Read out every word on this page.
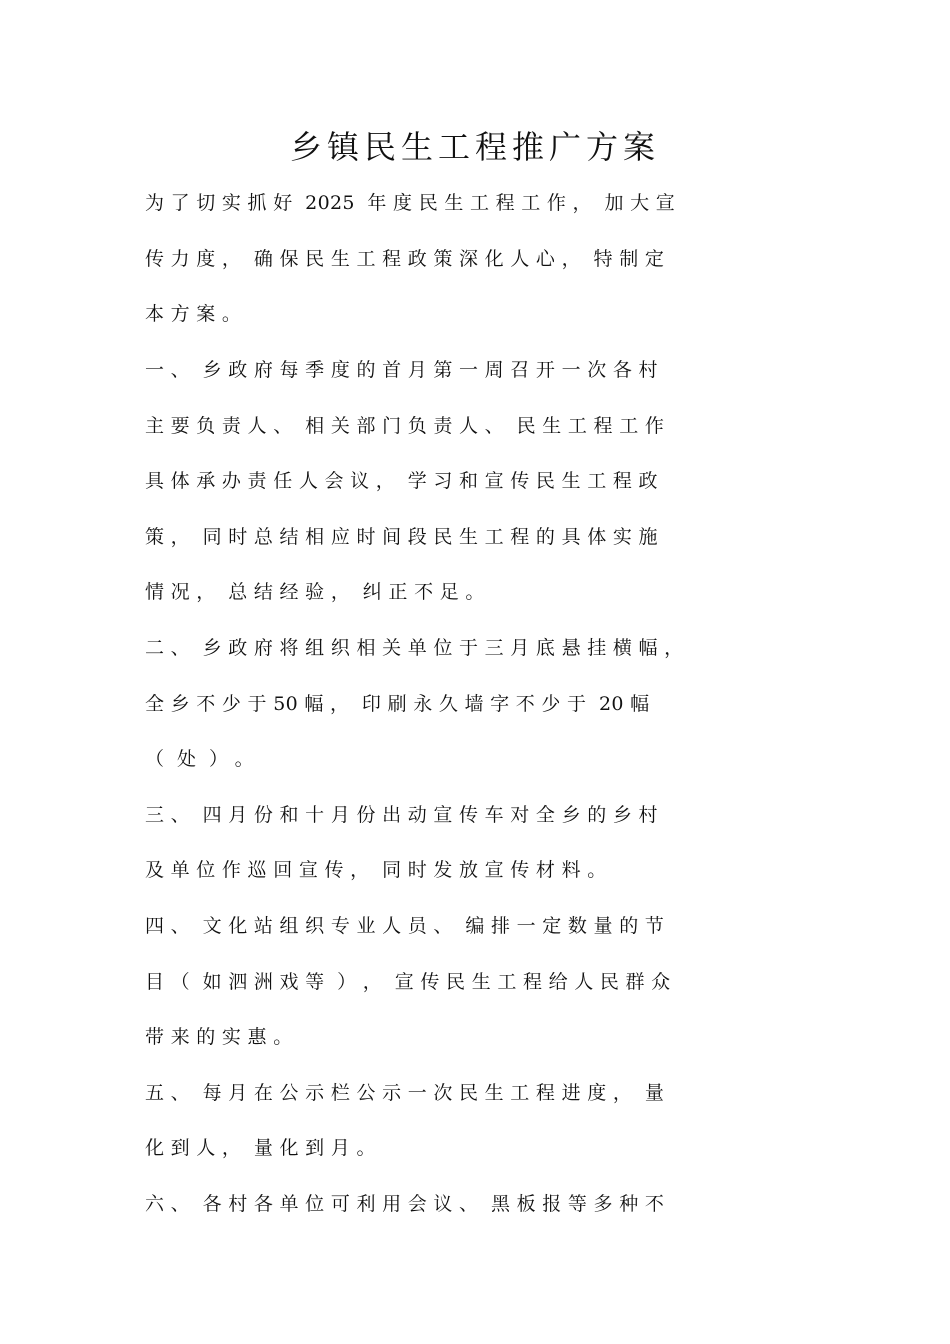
乡镇民生工程推广方案
为 了 切 实 抓 好  2025  年 度 民 生 工 程 工 作 ，  加 大 宣
传 力 度 ，  确 保 民 生 工 程 政 策 深 化 人 心 ，  特 制 定
本 方 案 。
一 、  乡 政 府 每 季 度 的 首 月 第 一 周 召 开 一 次 各 村
主 要 负 责 人 、  相 关 部 门 负 责 人 、  民 生 工 程 工 作
具 体 承 办 责 任 人 会 议 ，  学 习 和 宣 传 民 生 工 程 政
策 ，  同 时 总 结 相 应 时 间 段 民 生 工 程 的 具 体 实 施
情 况 ，  总 结 经 验 ，  纠 正 不 足 。
二 、  乡 政 府 将 组 织 相 关 单 位 于 三 月 底 悬 挂 横 幅 ，
全 乡 不 少 于 50 幅 ，  印 刷 永 久 墙 字 不 少 于  20 幅
（  处  ） 。
三 、  四 月 份 和 十 月 份 出 动 宣 传 车 对 全 乡 的 乡 村
及 单 位 作 巡 回 宣 传 ，  同 时 发 放 宣 传 材 料 。
四 、  文 化 站 组 织 专 业 人 员 、  编 排 一 定 数 量 的 节
目 （  如 泗 洲 戏 等  ） ，  宣 传 民 生 工 程 给 人 民 群 众
带 来 的 实 惠 。
五 、  每 月 在 公 示 栏 公 示 一 次 民 生 工 程 进 度 ，  量
化 到 人 ，  量 化 到 月 。
六 、  各 村 各 单 位 可 利 用 会 议 、  黑 板 报 等 多 种 不
